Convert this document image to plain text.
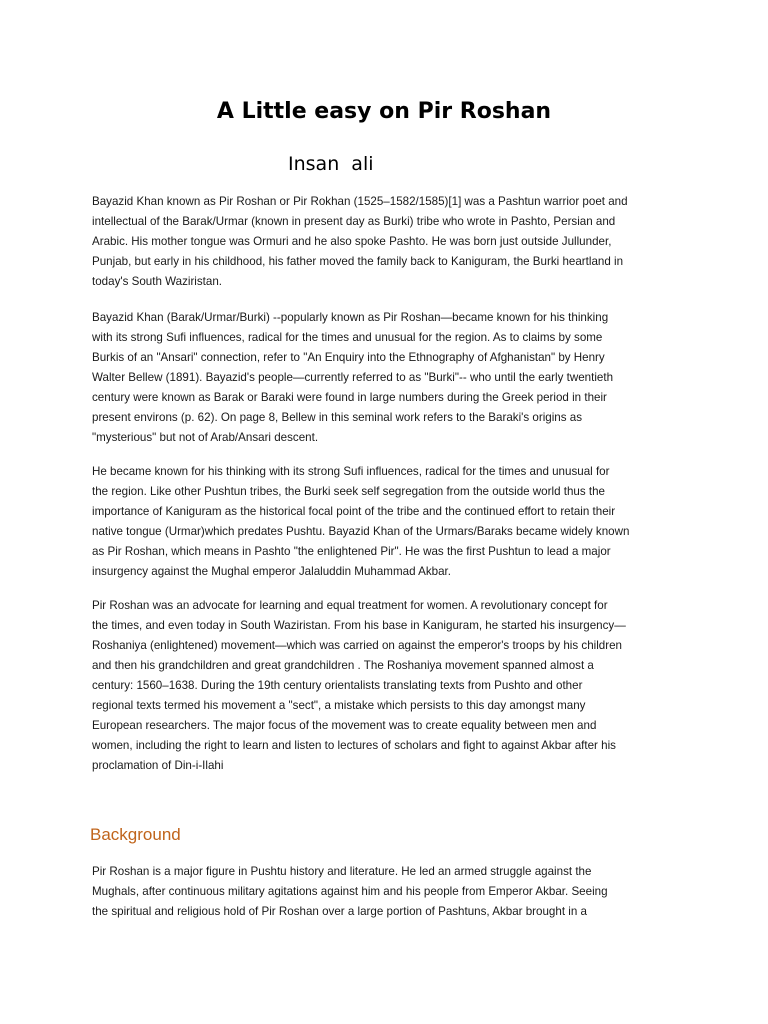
A Little easy on Pir Roshan
Insan  ali
Bayazid Khan known as Pir Roshan or Pir Rokhan (1525–1582/1585)[1] was a Pashtun warrior poet and
intellectual of the Barak/Urmar (known in present day as Burki) tribe who wrote in Pashto, Persian and
Arabic. His mother tongue was Ormuri and he also spoke Pashto. He was born just outside Jullunder,
Punjab, but early in his childhood, his father moved the family back to Kaniguram, the Burki heartland in
today's South Waziristan.
Bayazid Khan (Barak/Urmar/Burki) --popularly known as Pir Roshan—became known for his thinking
with its strong Sufi influences, radical for the times and unusual for the region. As to claims by some
Burkis of an "Ansari" connection, refer to "An Enquiry into the Ethnography of Afghanistan" by Henry
Walter Bellew (1891). Bayazid's people—currently referred to as "Burki"-- who until the early twentieth
century were known as Barak or Baraki were found in large numbers during the Greek period in their
present environs (p. 62). On page 8, Bellew in this seminal work refers to the Baraki's origins as
"mysterious" but not of Arab/Ansari descent.
He became known for his thinking with its strong Sufi influences, radical for the times and unusual for
the region. Like other Pushtun tribes, the Burki seek self segregation from the outside world thus the
importance of Kaniguram as the historical focal point of the tribe and the continued effort to retain their
native tongue (Urmar)which predates Pushtu. Bayazid Khan of the Urmars/Baraks became widely known
as Pir Roshan, which means in Pashto "the enlightened Pir". He was the first Pushtun to lead a major
insurgency against the Mughal emperor Jalaluddin Muhammad Akbar.
Pir Roshan was an advocate for learning and equal treatment for women. A revolutionary concept for
the times, and even today in South Waziristan. From his base in Kaniguram, he started his insurgency—
Roshaniya (enlightened) movement—which was carried on against the emperor's troops by his children
and then his grandchildren and great grandchildren . The Roshaniya movement spanned almost a
century: 1560–1638. During the 19th century orientalists translating texts from Pushto and other
regional texts termed his movement a "sect", a mistake which persists to this day amongst many
European researchers. The major focus of the movement was to create equality between men and
women, including the right to learn and listen to lectures of scholars and fight to against Akbar after his
proclamation of Din-i-Ilahi
Background
Pir Roshan is a major figure in Pushtu history and literature. He led an armed struggle against the
Mughals, after continuous military agitations against him and his people from Emperor Akbar. Seeing
the spiritual and religious hold of Pir Roshan over a large portion of Pashtuns, Akbar brought in a
